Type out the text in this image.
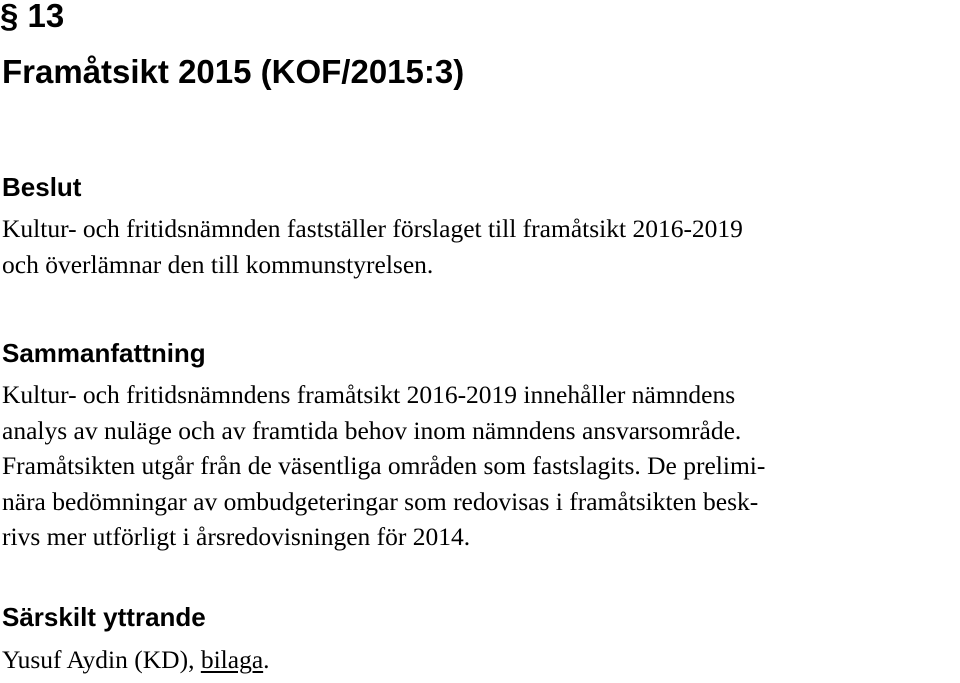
§ 13
Framåtsikt 2015 (KOF/2015:3)
Beslut
Kultur- och fritidsnämnden fastställer förslaget till framåtsikt 2016-2019
och överlämnar den till kommunstyrelsen.
Sammanfattning
Kultur- och fritidsnämndens framåtsikt 2016-2019 innehåller nämndens
analys av nuläge och av framtida behov inom nämndens ansvarsområde.
Framåtsikten utgår från de väsentliga områden som fastslagits. De prelimi-
nära bedömningar av ombudgeteringar som redovisas i framåtsikten besk-
rivs mer utförligt i årsredovisningen för 2014.
Särskilt yttrande
Yusuf Aydin (KD), bilaga.
